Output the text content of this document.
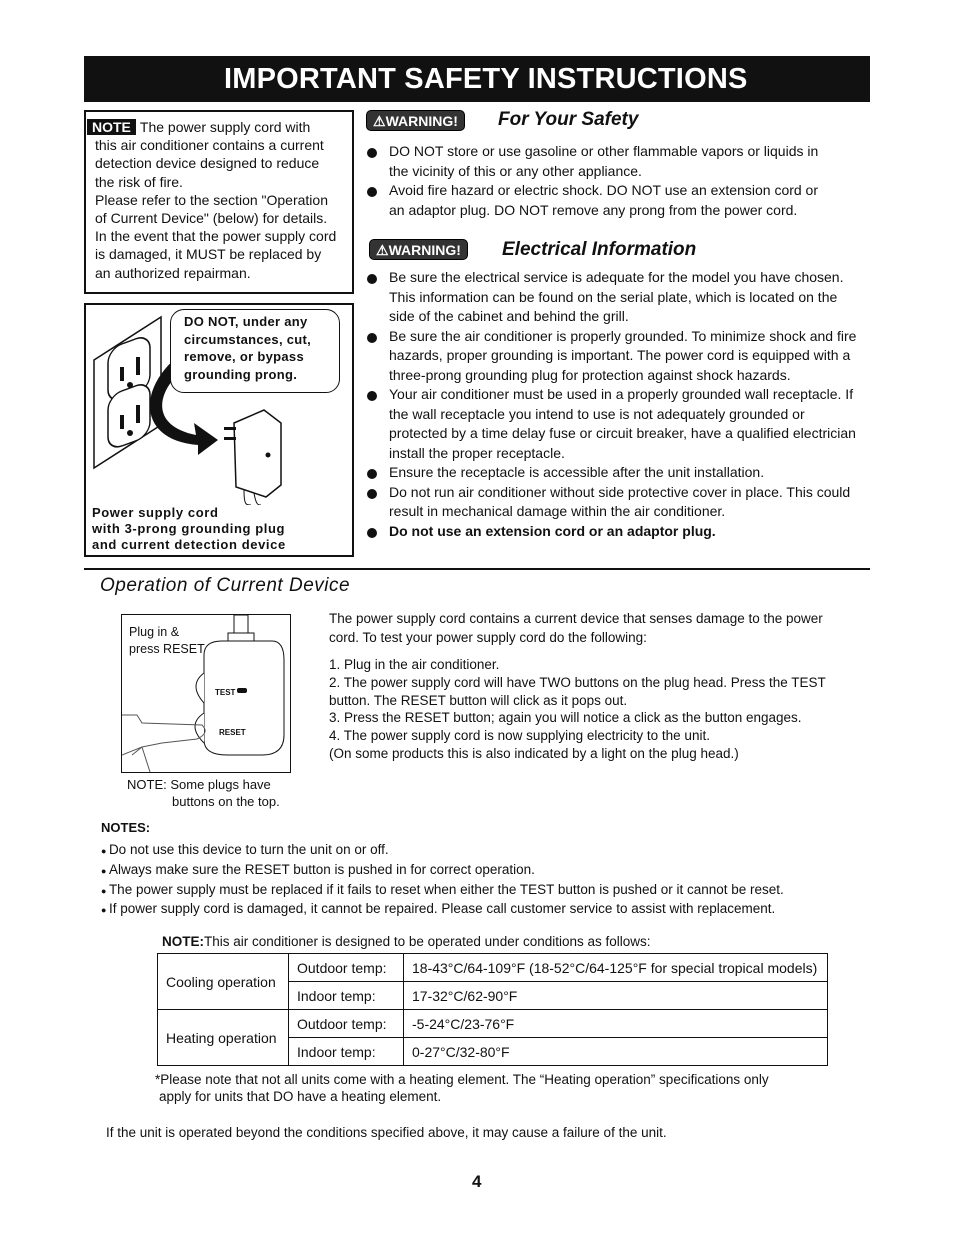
IMPORTANT SAFETY INSTRUCTIONS
NOTE The power supply cord with
this air conditioner contains a current
detection device designed to reduce
the risk of fire.
Please refer to the section "Operation
of Current Device" (below) for details.
In the event that the power supply cord
is damaged, it MUST be replaced by
an authorized repairman.
DO NOT, under any
circumstances, cut,
remove, or bypass
grounding prong.
Power supply cord
with 3-prong grounding plug
and current detection device
⚠WARNING!	For Your Safety
DO NOT store or use gasoline or other flammable vapors or liquids in
the vicinity of this or any other appliance.
Avoid fire hazard or electric shock. DO NOT use an extension cord or
an adaptor plug. DO NOT remove any prong from the power cord.
⚠WARNING!	Electrical Information
Be sure the electrical service is adequate for the model you have chosen.
This information can be found on the serial plate, which is located on the
side of the cabinet and behind the grill.
Be sure the air conditioner is properly grounded. To minimize shock and fire
hazards, proper grounding is important. The power cord is equipped with a
three-prong grounding plug for protection against shock hazards.
Your air conditioner must be used in a properly grounded wall receptacle. If
the wall receptacle you intend to use is not adequately grounded or
protected by a time delay fuse or circuit breaker, have a qualified electrician
install the proper receptacle.
Ensure the receptacle is accessible after the unit installation.
Do not run air conditioner without side protective cover in place. This could
result in mechanical damage within the air conditioner.
Do not use an extension cord or an adaptor plug.
Operation of Current Device
Plug in &
press RESET
TEST
RESET
NOTE: Some plugs have
buttons on the top.
The power supply cord contains a current device that senses damage to the power
cord. To test your power supply cord do the following:
1. Plug in the air conditioner.
2. The power supply cord will have TWO buttons on the plug head. Press the TEST
button. The RESET button will click as it pops out.
3. Press the RESET button; again you will notice a click as the button engages.
4. The power supply cord is now supplying electricity to the unit.
(On some products this is also indicated by a light on the plug head.)
NOTES:
● Do not use this device to turn the unit on or off.
● Always make sure the RESET button is pushed in for correct operation.
● The power supply must be replaced if it fails to reset when either the TEST button is pushed or it cannot be reset.
● If power supply cord is damaged, it cannot be repaired. Please call customer service to assist with replacement.
NOTE:This air conditioner is designed to be operated under conditions as follows:
Cooling operation	Outdoor temp:	18-43°C/64-109°F (18-52°C/64-125°F for special tropical models)
	Indoor temp:	17-32°C/62-90°F
Heating operation	Outdoor temp:	-5-24°C/23-76°F
	Indoor temp:	0-27°C/32-80°F
*Please note that not all units come with a heating element. The “Heating operation” specifications only
apply for units that DO have a heating element.
If the unit is operated beyond the conditions specified above, it may cause a failure of the unit.
4
